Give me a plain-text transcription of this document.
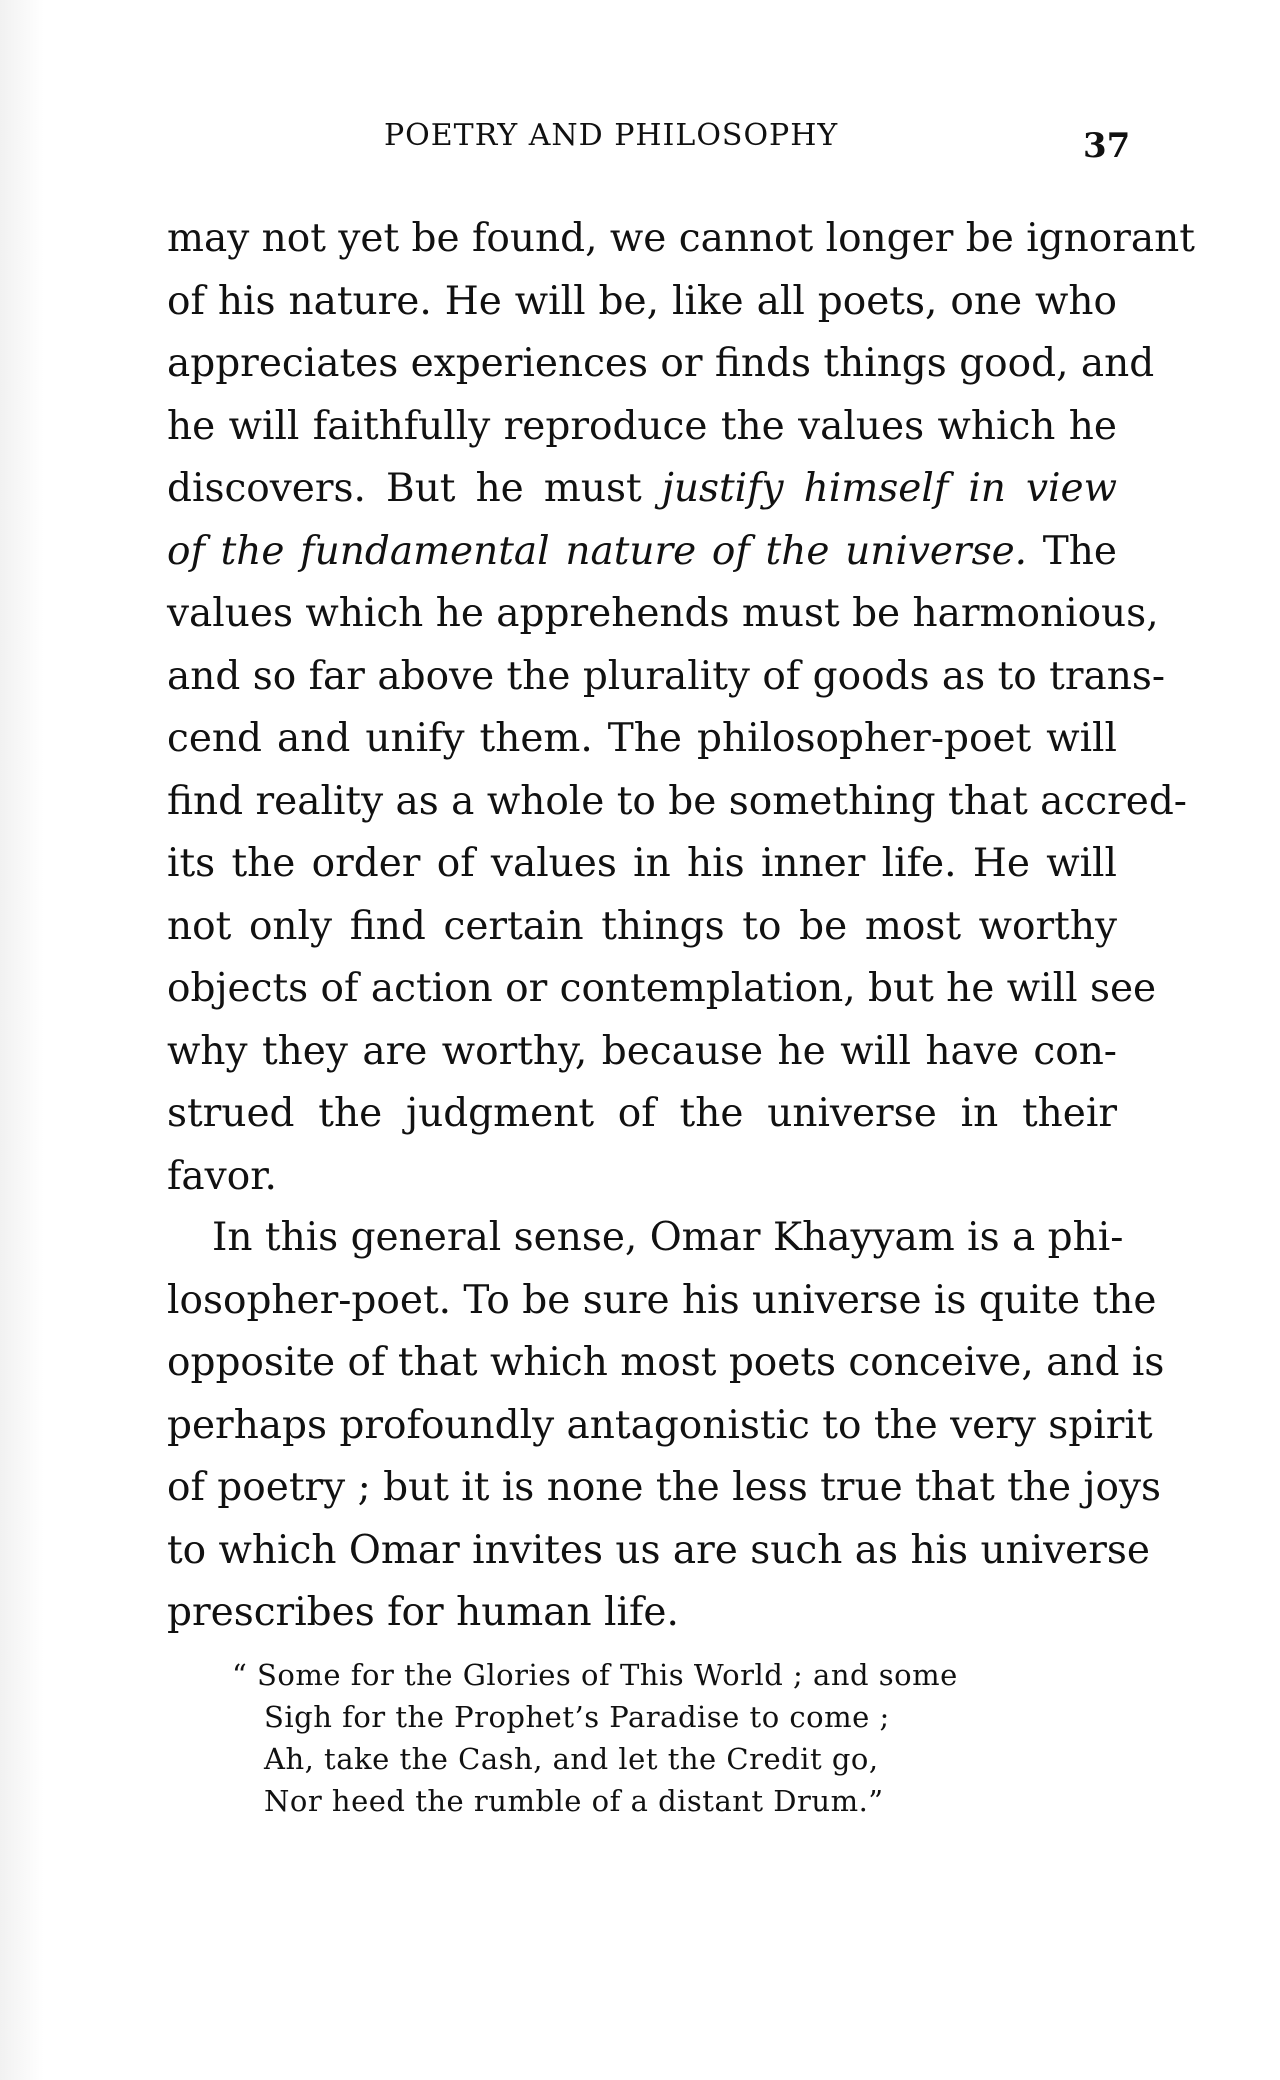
POETRY AND PHILOSOPHY	37
may not yet be found, we cannot longer be ignorant
of his nature. He will be, like all poets, one who
appreciates experiences or finds things good, and
he will faithfully reproduce the values which he
discovers. But he must justify himself in view
of the fundamental nature of the universe. The
values which he apprehends must be harmonious,
and so far above the plurality of goods as to trans-
cend and unify them. The philosopher-poet will
find reality as a whole to be something that accred-
its the order of values in his inner life. He will
not only find certain things to be most worthy
objects of action or contemplation, but he will see
why they are worthy, because he will have con-
strued the judgment of the universe in their
favor.
In this general sense, Omar Khayyam is a phi-
losopher-poet. To be sure his universe is quite the
opposite of that which most poets conceive, and is
perhaps profoundly antagonistic to the very spirit
of poetry ; but it is none the less true that the joys
to which Omar invites us are such as his universe
prescribes for human life.
“ Some for the Glories of This World ; and some
Sigh for the Prophet’s Paradise to come ;
Ah, take the Cash, and let the Credit go,
Nor heed the rumble of a distant Drum.”
